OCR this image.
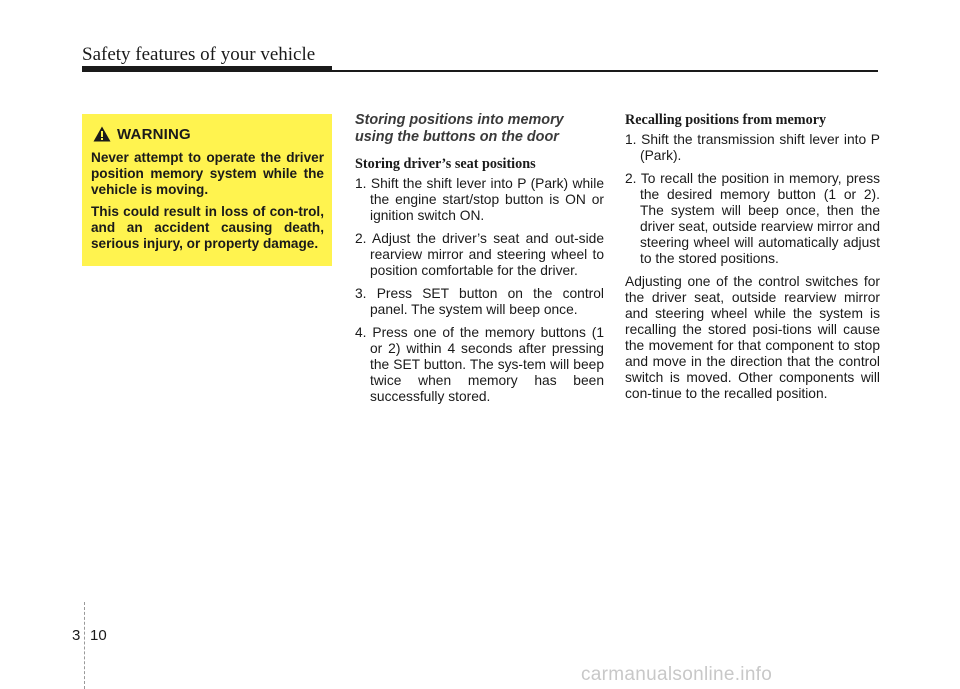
Safety features of your vehicle
WARNING

Never attempt to operate the driver position memory system while the vehicle is moving.

This could result in loss of con-trol, and an accident causing death, serious injury, or property damage.

Storing positions into memory using the buttons on the door
Storing driver’s seat positions
1. Shift the shift lever into P (Park) while the engine start/stop button is ON or ignition switch ON.
2. Adjust the driver’s seat and out-side rearview mirror and steering wheel to position comfortable for the driver.
3. Press SET button on the control panel. The system will beep once.
4. Press one of the memory buttons (1 or 2) within 4 seconds after pressing the SET button. The sys-tem will beep twice when memory has been successfully stored.
Recalling positions from memory
1. Shift the transmission shift lever into P (Park).
2. To recall the position in memory, press the desired memory button (1 or 2). The system will beep once, then the driver seat, outside rearview mirror and steering wheel will automatically adjust to the stored positions.

Adjusting one of the control switches for the driver seat, outside rearview mirror and steering wheel while the system is recalling the stored posi-tions will cause the movement for that component to stop and move in the direction that the control switch is moved. Other components will con-tinue to the recalled position.

3 10
carmanualsonline.info
